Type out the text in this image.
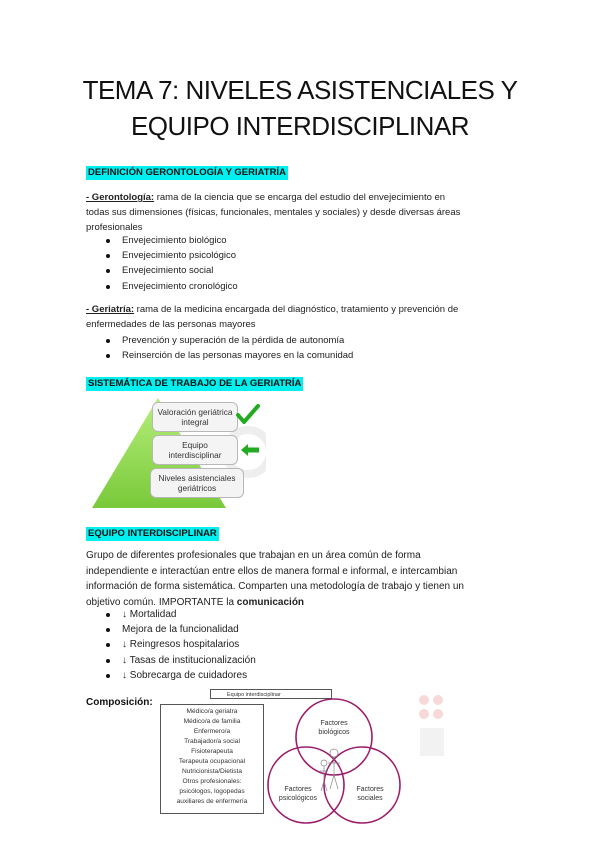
TEMA 7: NIVELES ASISTENCIALES Y
EQUIPO INTERDISCIPLINAR
DEFINICIÓN GERONTOLOGÍA Y GERIATRÍA
- Gerontología: rama de la ciencia que se encarga del estudio del envejecimiento en
todas sus dimensiones (físicas, funcionales, mentales y sociales) y desde diversas áreas
profesionales
Envejecimiento biológico
Envejecimiento psicológico
Envejecimiento social
Envejecimiento cronológico
- Geriatría: rama de la medicina encargada del diagnóstico, tratamiento y prevención de
enfermedades de las personas mayores
Prevención y superación de la pérdida de autonomía
Reinserción de las personas mayores en la comunidad
SISTEMÁTICA DE TRABAJO DE LA GERIATRÍA
Valoración geriátrica
integral
Equipo
interdisciplinar
Niveles asistenciales
geriátricos
EQUIPO INTERDISCIPLINAR
Grupo de diferentes profesionales que trabajan en un área común de forma
independiente e interactúan entre ellos de manera formal e informal, e intercambian
información de forma sistemática. Comparten una metodología de trabajo y tienen un
objetivo común. IMPORTANTE la comunicación
↓ Mortalidad
Mejora de la funcionalidad
↓ Reingresos hospitalarios
↓ Tasas de institucionalización
↓ Sobrecarga de cuidadores
Composición:
Equipo interdisciplinar
Médico/a geriatra
Médico/a de familia
Enfermero/a
Trabajador/a social
Fisioterapeuta
Terapeuta ocupacional
Nutricionista/Dietista
Otros profesionales:
psicólogos, logopedas
auxiliares de enfermería
Factores
biológicos
Factores
psicológicos
Factores
sociales
